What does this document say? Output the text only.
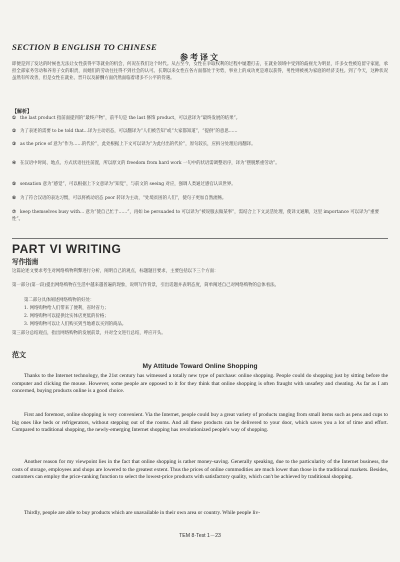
SECTION B ENGLISH TO CHINESE
参考译文
即便是到了发达的时候也无法让女性获得平等就业的机会，何况在我们这个时代。从古至今，女性在争取权利的过程中屡遭打击，在就业领域中受到的歧视尤为明显，许多女性被迫留守家庭，承担全部家务劳动和养育子女的职责，而她们的劳动往往得不到社会的认可。长期以来女性在各方面都处于劣势，事业上的成功更是难以获得，男性则被视为家庭的经济支柱。到了今天，这种状况虽然有所改善，但是女性在就业、晋升以及薪酬方面仍然面临着诸多不公平的待遇。
【解析】
① the last product 指前面提到的“最终产物”，前半句是 the last 修饰 product，可以意译为“最终发展的结果”。
② 为了表述的需要 to be told that...译为主动语态，可以翻译为“人们被告知”或“大家都知道”，“提供”的意思……
③ as the price of 意为“作为……的代价”，此处根据上下文可以译为“为此付出的代价”，原句较长，应拆分处理后再翻译。
④ 在汉语中时间、地点、方式状语往往前置，所以原文的 freedom from hard work 一句中的状语需调整语序，译为“摆脱繁重劳动”。
⑤ sensation 意为“感觉”，可以根据上下文意译为“知觉”，与前文的 seeing 对应，强调人类通过感官认识世界。
⑥ 为了符合汉语的表达习惯，可以将被动语态 poor 转译为主动，“处境贫困的人们”，使句子更加自然流畅。
⑦ keep themselves busy with... 意为“使自己忙于……”，再如 be persuaded to 可以译为“被说服去做某事”，需结合上下文灵活处理，使译文通顺，这里 importance 可以译为“重要性”。
PART VI WRITING
写作指南
这篇论述文要求考生对网络购物利弊进行分析，阐明自己的观点，标题题目要求，主要包括以下三个方面：
第一部分(第一段)提出网络购物在生活中越来越普遍的现象，说明写作背景，引出话题并表明态度，简单阐述自己对网络购物的总体看法。
第二部分具体阐述网络购物的好处：
1. 网络购物给人们带来了便利，省时省力；
2. 网络购物可以提供比实体店更低的价格；
3. 网络购物可以让人们购买到当地难以买到的商品。
第三部分总结观点，指出网络购物的发展前景，并对全文进行总结，呼应开头。
范文
My Attitude Toward Online Shopping
Thanks to the Internet technology, the 21st century has witnessed a totally new type of purchase: online shopping. People could do shopping just by sitting before the computer and clicking the mouse. However, some people are opposed to it for they think that online shopping is often fraught with unsafety and cheating. As far as I am concerned, buying products online is a good choice.
First and foremost, online shopping is very convenient. Via the Internet, people could buy a great variety of products ranging from small items such as pens and cups to big ones like beds or refrigerators, without stepping out of the rooms. And all these products can be delivered to your door, which saves you a lot of time and effort. Compared to traditional shopping, the newly-emerging Internet shopping has revolutionized people's way of shopping.
Another reason for my viewpoint lies in the fact that online shopping is rather money-saving. Generally speaking, due to the particularity of the Internet business, the costs of storage, employees and shops are lowered to the greatest extent. Thus the prices of online commodities are much lower than those in the traditional markets. Besides, customers can employ the price-ranking function to select the lowest-price products with satisfactory quality, which can't be achieved by traditional shopping.
Thirdly, people are able to buy products which are unavailable in their own area or country. While people liv-
TEM 8·Test 1－23
